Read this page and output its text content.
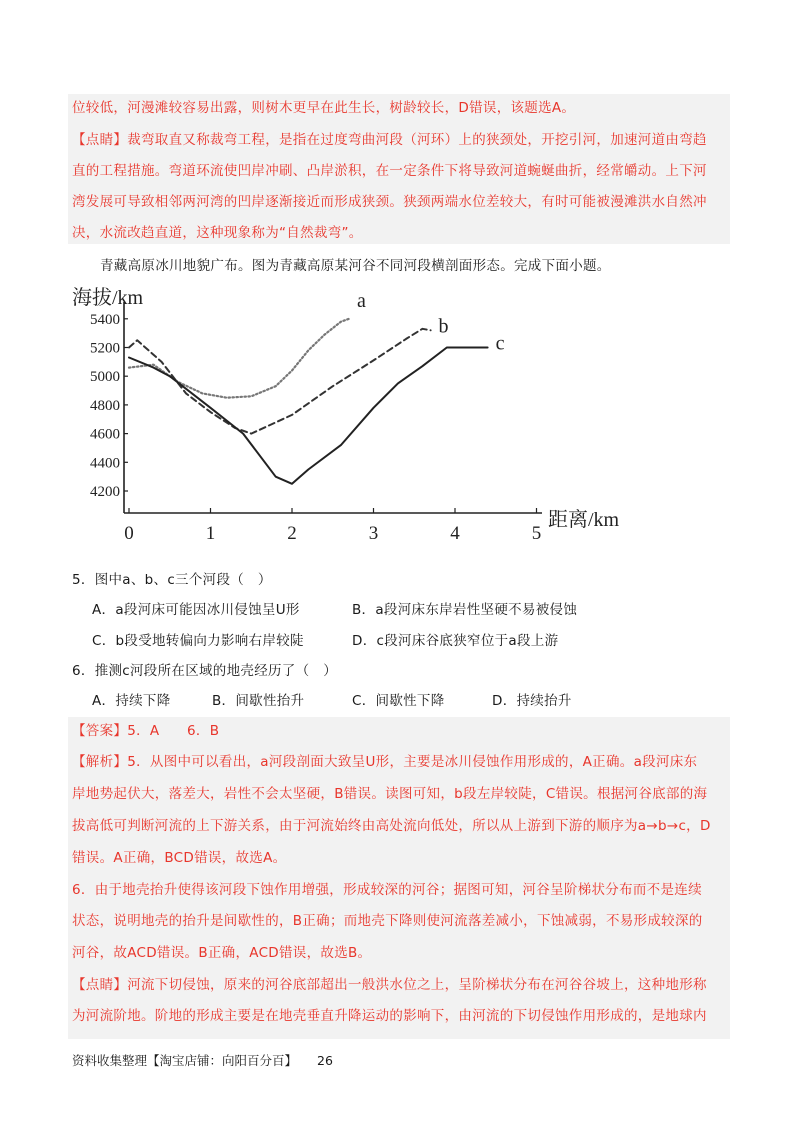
位较低，河漫滩较容易出露，则树木更早在此生长，树龄较长，D错误，该题选A。
【点睛】裁弯取直又称裁弯工程，是指在过度弯曲河段（河环）上的狭颈处，开挖引河，加速河道由弯趋
直的工程措施。弯道环流使凹岸冲刷、凸岸淤积，在一定条件下将导致河道蜿蜒曲折，经常皭动。上下河
湾发展可导致相邻两河湾的凹岸逐渐接近而形成狭颈。狭颈两端水位差较大，有时可能被漫滩洪水自然冲
决，水流改趋直道，这种现象称为“自然裁弯”。
青藏高原冰川地貌广布。图为青藏高原某河谷不同河段横剖面形态。完成下面小题。
4200
4400
4600
4800
5000
5200
5400
0	1	2	3	4	5
海拔/km
距离/km
a
b
c
5．图中a、b、c三个河段（　）
A．a段河床可能因冰川侵蚀呈U形	B．a段河床东岸岩性坚硬不易被侵蚀
C．b段受地转偏向力影响右岸较陡	D．c段河床谷底狭窄位于a段上游
6．推测c河段所在区域的地壳经历了（　）
A．持续下降	B．间歇性抬升	C．间歇性下降	D．持续抬升
【答案】5．A　　6．B
【解析】5．从图中可以看出，a河段剖面大致呈U形，主要是冰川侵蚀作用形成的，A正确。a段河床东
岸地势起伏大，落差大，岩性不会太坚硬，B错误。读图可知，b段左岸较陡，C错误。根据河谷底部的海
拔高低可判断河流的上下游关系，由于河流始终由高处流向低处，所以从上游到下游的顺序为a→b→c，D
错误。A正确，BCD错误，故选A。
6．由于地壳抬升使得该河段下蚀作用增强，形成较深的河谷；据图可知，河谷呈阶梯状分布而不是连续
状态，说明地壳的抬升是间歇性的，B正确；而地壳下降则使河流落差减小，下蚀减弱，不易形成较深的
河谷，故ACD错误。B正确，ACD错误，故选B。
【点睛】河流下切侵蚀，原来的河谷底部超出一般洪水位之上，呈阶梯状分布在河谷谷坡上，这种地形称
为河流阶地。阶地的形成主要是在地壳垂直升降运动的影响下，由河流的下切侵蚀作用形成的，是地球内
资料收集整理【淘宝店铺：向阳百分百】 26
